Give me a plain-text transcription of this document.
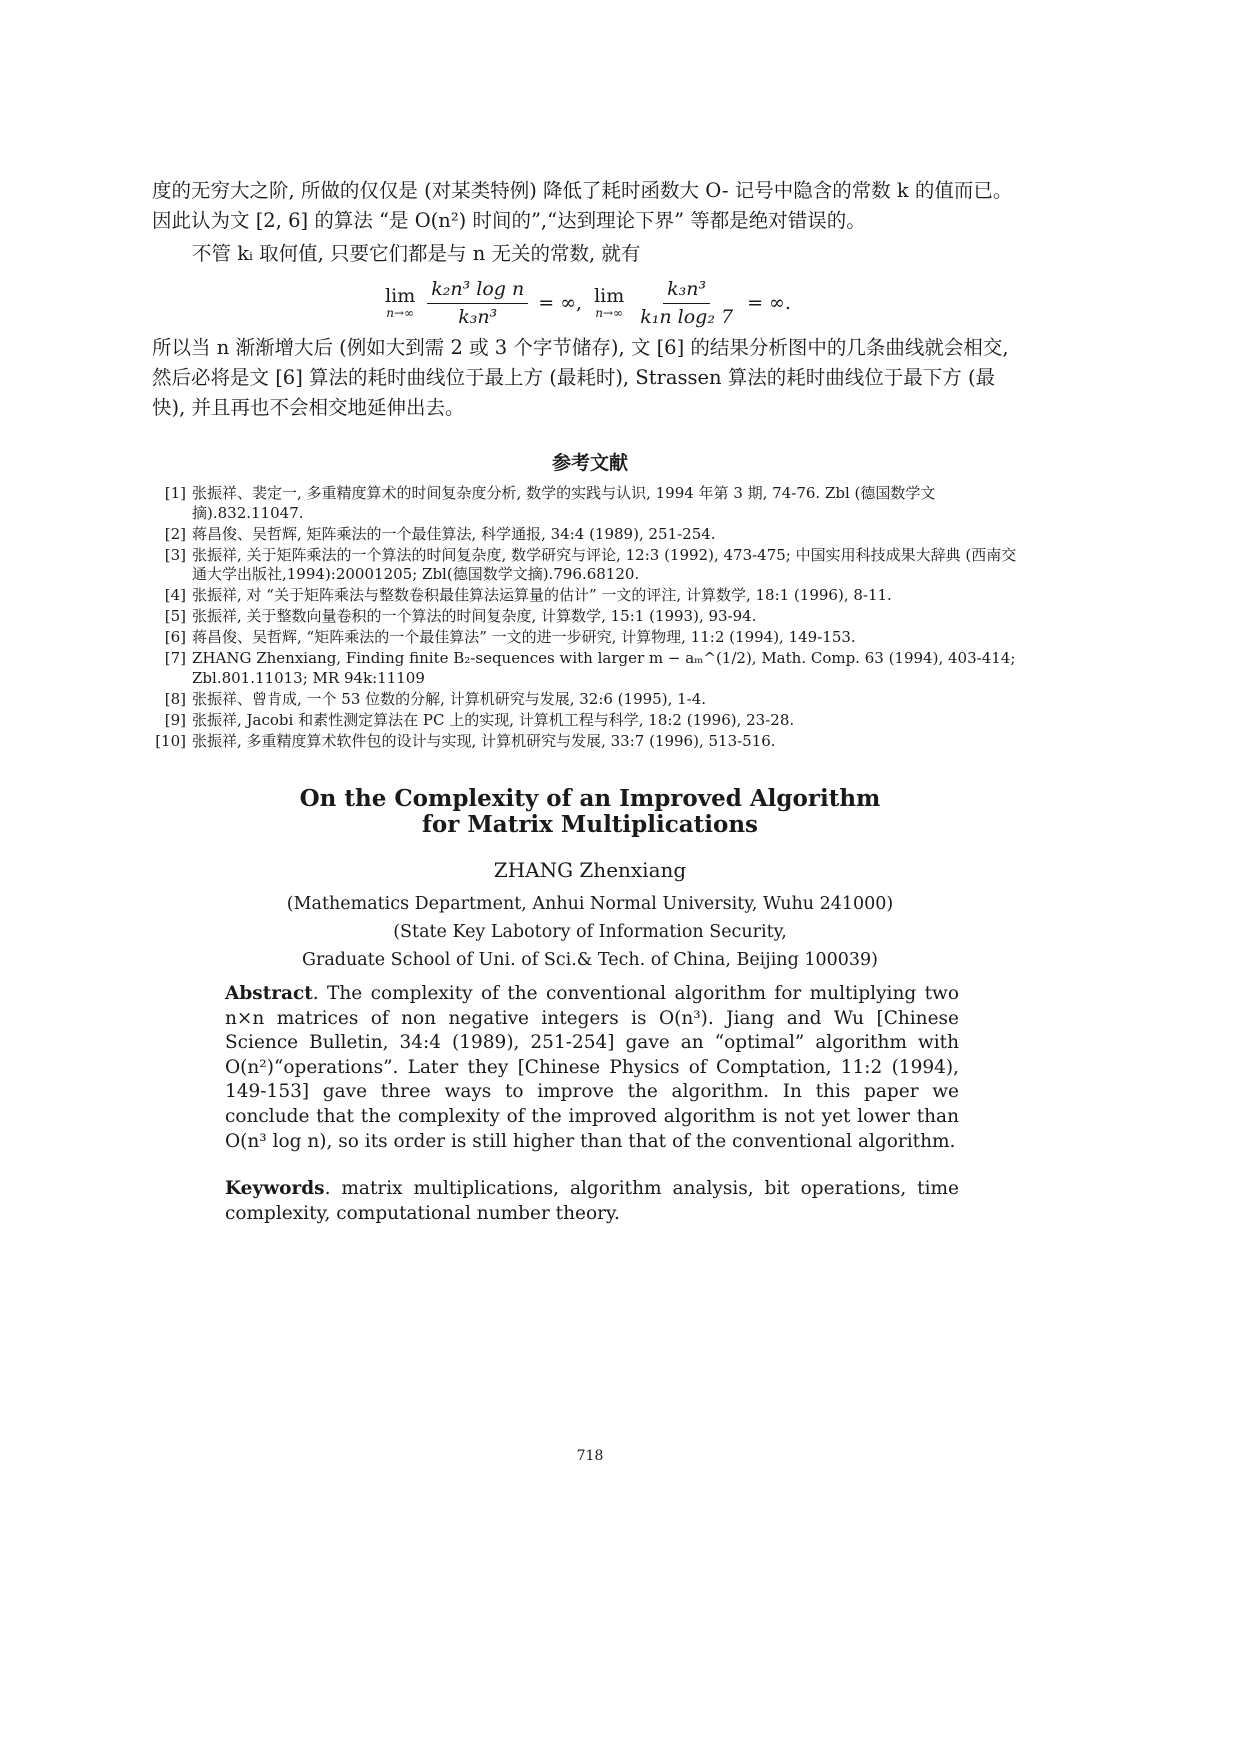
度的无穷大之阶, 所做的仅仅是 (对某类特例) 降低了耗时函数大 O- 记号中隐含的常数 k 的值而已。因此认为文 [2, 6] 的算法 “是 O(n²) 时间的”,“达到理论下界” 等都是绝对错误的。
不管 kᵢ 取何值, 只要它们都是与 n 无关的常数, 就有
lim
$n\to\infty \frac{\text{k₂n³ log n}}{\text{k₃n³}}$ = ∞, lim
$n\to\infty \frac{\text{k₃n³}}{\text{k₁n log₂ 7}}$ = ∞.
所以当 n 渐渐增大后 (例如大到需 2 或 3 个字节储存), 文 [6] 的结果分析图中的几条曲线就会相交, 然后必将是文 [6] 算法的耗时曲线位于最上方 (最耗时), Strassen 算法的耗时曲线位于最下方 (最快), 并且再也不会相交地延伸出去。
参考文献
[1] 张振祥、裴定一, 多重精度算术的时间复杂度分析, 数学的实践与认识, 1994 年第 3 期, 74-76. Zbl (德国数学文摘).832.11047.
[2] 蒋昌俊、吴哲辉, 矩阵乘法的一个最佳算法, 科学通报, 34:4 (1989), 251-254.
[3] 张振祥, 关于矩阵乘法的一个算法的时间复杂度, 数学研究与评论, 12:3 (1992), 473-475; 中国实用科技成果大辞典 (西南交通大学出版社,1994):20001205; Zbl(德国数学文摘).796.68120.
[4] 张振祥, 对 “关于矩阵乘法与整数卷积最佳算法运算量的估计” 一文的评注, 计算数学, 18:1 (1996), 8-11.
[5] 张振祥, 关于整数向量卷积的一个算法的时间复杂度, 计算数学, 15:1 (1993), 93-94.
[6] 蒋昌俊、吴哲辉, “矩阵乘法的一个最佳算法” 一文的进一步研究, 计算物理, 11:2 (1994), 149-153.
[7] ZHANG Zhenxiang, Finding finite B₂-sequences with larger m − aₘ^(1/2), Math. Comp. 63 (1994), 403-414; Zbl.801.11013; MR 94k:11109
[8] 张振祥、曾肯成, 一个 53 位数的分解, 计算机研究与发展, 32:6 (1995), 1-4.
[9] 张振祥, Jacobi 和素性测定算法在 PC 上的实现, 计算机工程与科学, 18:2 (1996), 23-28.
[10] 张振祥, 多重精度算术软件包的设计与实现, 计算机研究与发展, 33:7 (1996), 513-516.
On the Complexity of an Improved Algorithm
for Matrix Multiplications
ZHANG Zhenxiang
(Mathematics Department, Anhui Normal University, Wuhu 241000)
(State Key Labotory of Information Security,
Graduate School of Uni. of Sci.& Tech. of China, Beijing 100039)
Abstract. The complexity of the conventional algorithm for multiplying two n×n matrices of non negative integers is O(n³). Jiang and Wu [Chinese Science Bulletin, 34:4 (1989), 251-254] gave an “optimal” algorithm with O(n²)“operations”. Later they [Chinese Physics of Comptation, 11:2 (1994), 149-153] gave three ways to improve the algorithm. In this paper we conclude that the complexity of the improved algorithm is not yet lower than O(n³ log n), so its order is still higher than that of the conventional algorithm.
Keywords. matrix multiplications, algorithm analysis, bit operations, time complexity, computational number theory.
718
